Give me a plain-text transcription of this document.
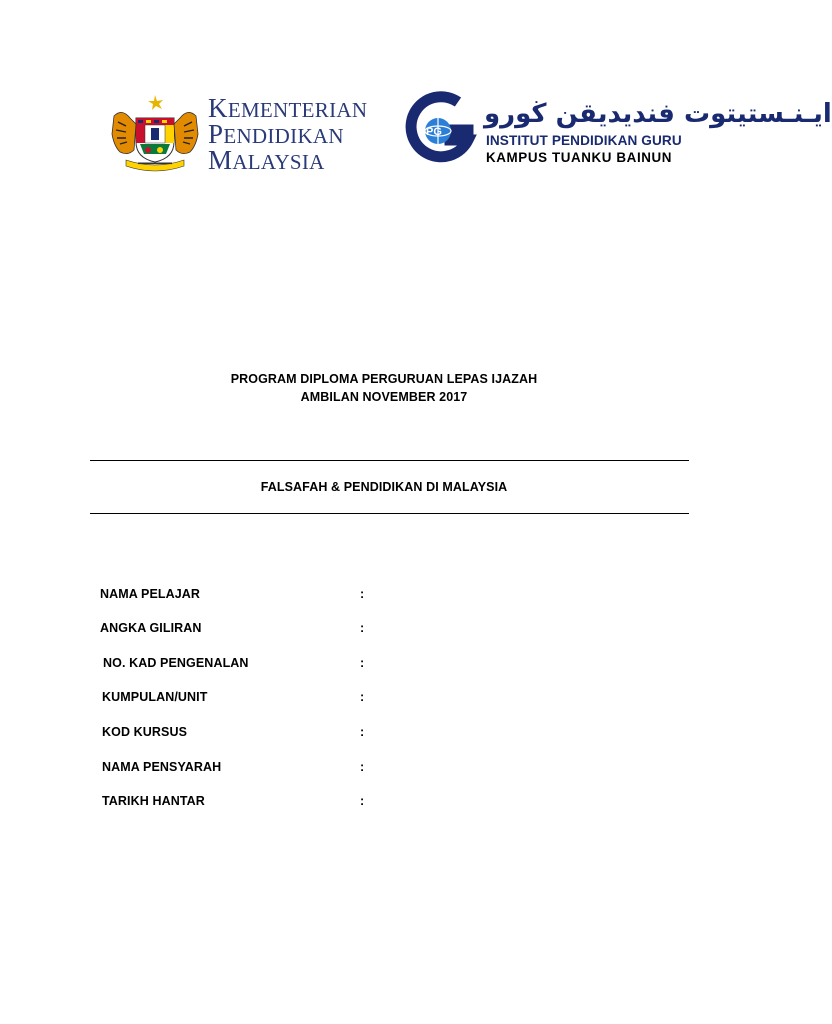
KEMENTERIAN
PENDIDIKAN
MALAYSIA
iPG
ايـنـستيتوت فنديديقن ڬورو
INSTITUT PENDIDIKAN GURU
KAMPUS TUANKU BAINUN
PROGRAM DIPLOMA PERGURUAN LEPAS IJAZAH
AMBILAN NOVEMBER 2017
FALSAFAH & PENDIDIKAN DI MALAYSIA
NAMA PELAJAR	:
ANGKA GILIRAN	:
NO. KAD PENGENALAN	:
KUMPULAN/UNIT	:
KOD KURSUS	:
NAMA PENSYARAH	:
TARIKH HANTAR	:
